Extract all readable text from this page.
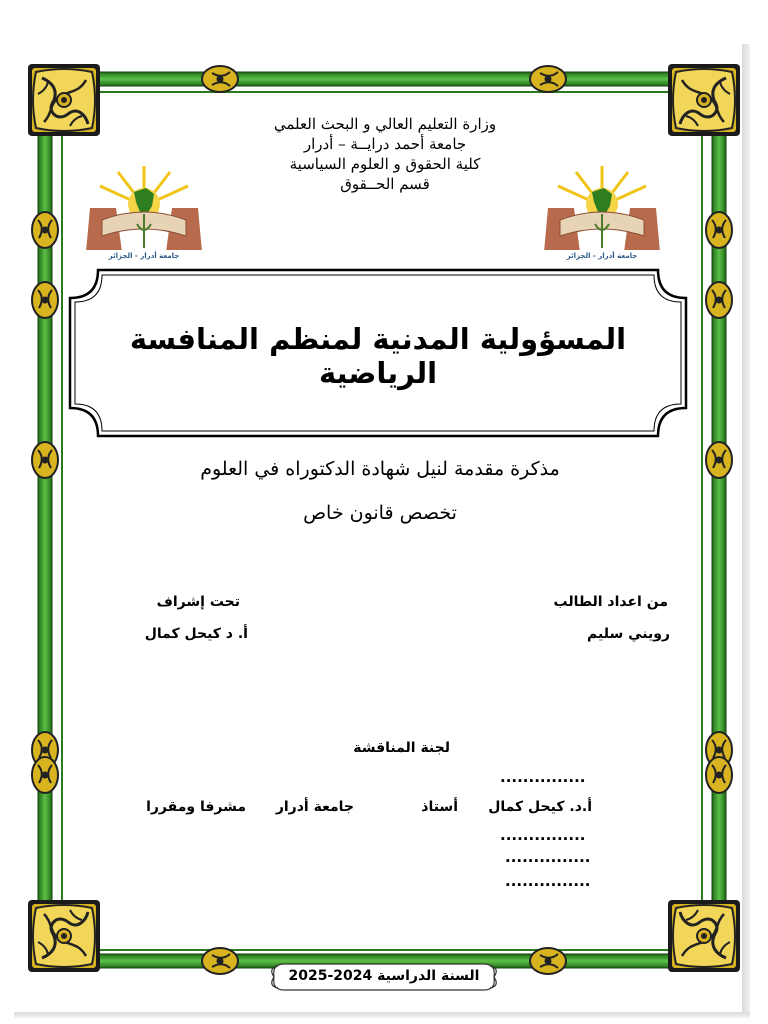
وزارة التعليم العالي و البحث العلمي
جامعة أحمد درايــة – أدرار
كلية الحقوق و العلوم السياسية
قسم الحــقوق
جامعة أدرار - الجزائر	جامعة أدرار - الجزائر
المسؤولية المدنية لمنظم المنافسة الرياضية
مذكرة مقدمة لنيل شهادة الدكتوراه في العلوم
تخصص قانون خاص
من اعداد الطالب
رويني سليم
تحت إشراف
أ. د كيحل كمال
لجنة المناقشة
...............
أ.د. كيحل كمال
أستاذ
جامعة أدرار
مشرفا ومقررا
...............
...............
...............
السنة الدراسية 2024-2025
